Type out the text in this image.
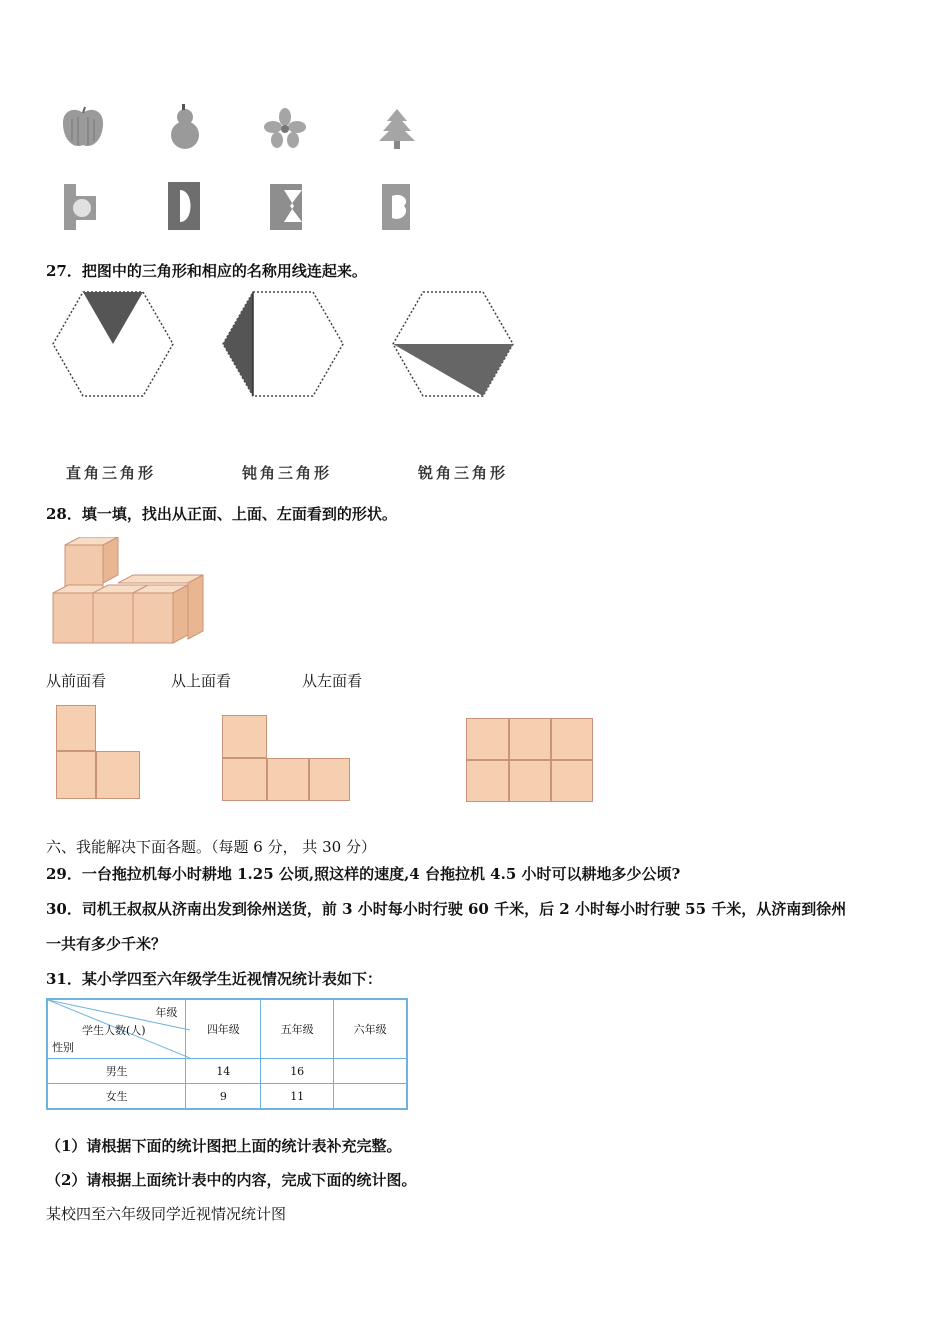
27．把图中的三角形和相应的名称用线连起来。
直角三角形	钝角三角形	锐角三角形
28．填一填，找出从正面、上面、左面看到的形状。
从前面看	从上面看	从左面看
六、我能解决下面各题。（每题 6 分， 共 30 分）
29．一台拖拉机每小时耕地 1.25 公顷,照这样的速度,4 台拖拉机 4.5 小时可以耕地多少公顷?
30．司机王叔叔从济南出发到徐州送货，前 3 小时每小时行驶 60 千米，后 2 小时每小时行驶 55 千米，从济南到徐州
一共有多少千米？
31．某小学四至六年级学生近视情况统计表如下：
年级
学生人数(人)
性别	四年级	五年级	六年级
男生	14	16	
女生	9	11	
（1）请根据下面的统计图把上面的统计表补充完整。
（2）请根据上面统计表中的内容，完成下面的统计图。
某校四至六年级同学近视情况统计图
